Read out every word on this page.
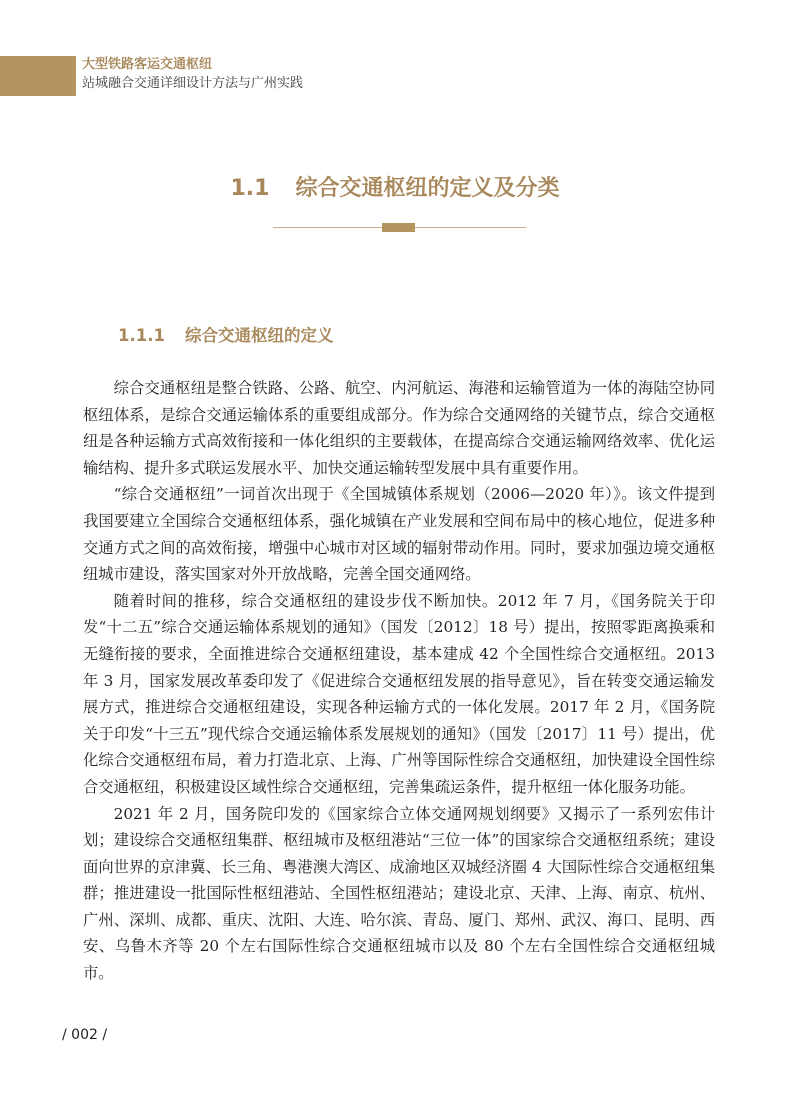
大型铁路客运交通枢纽
站城融合交通详细设计方法与广州实践
1.1 综合交通枢纽的定义及分类
1.1.1 综合交通枢纽的定义

综合交通枢纽是整合铁路、公路、航空、内河航运、海港和运输管道为一体的海陆空协同枢纽体系，是综合交通运输体系的重要组成部分。作为综合交通网络的关键节点，综合交通枢纽是各种运输方式高效衔接和一体化组织的主要载体，在提高综合交通运输网络效率、优化运输结构、提升多式联运发展水平、加快交通运输转型发展中具有重要作用。

“综合交通枢纽”一词首次出现于《全国城镇体系规划（2006—2020 年）》。该文件提到我国要建立全国综合交通枢纽体系，强化城镇在产业发展和空间布局中的核心地位，促进多种交通方式之间的高效衔接，增强中心城市对区域的辐射带动作用。同时，要求加强边境交通枢纽城市建设，落实国家对外开放战略，完善全国交通网络。

随着时间的推移，综合交通枢纽的建设步伐不断加快。2012 年 7 月，《国务院关于印发“十二五”综合交通运输体系规划的通知》（国发〔2012〕18 号）提出，按照零距离换乘和无缝衔接的要求，全面推进综合交通枢纽建设，基本建成 42 个全国性综合交通枢纽。2013 年 3 月，国家发展改革委印发了《促进综合交通枢纽发展的指导意见》，旨在转变交通运输发展方式，推进综合交通枢纽建设，实现各种运输方式的一体化发展。2017 年 2 月，《国务院关于印发“十三五”现代综合交通运输体系发展规划的通知》（国发〔2017〕11 号）提出，优化综合交通枢纽布局，着力打造北京、上海、广州等国际性综合交通枢纽，加快建设全国性综合交通枢纽，积极建设区域性综合交通枢纽，完善集疏运条件，提升枢纽一体化服务功能。

2021 年 2 月，国务院印发的《国家综合立体交通网规划纲要》又揭示了一系列宏伟计划；建设综合交通枢纽集群、枢纽城市及枢纽港站“三位一体”的国家综合交通枢纽系统；建设面向世界的京津冀、长三角、粤港澳大湾区、成渝地区双城经济圈 4 大国际性综合交通枢纽集群；推进建设一批国际性枢纽港站、全国性枢纽港站；建设北京、天津、上海、南京、杭州、广州、深圳、成都、重庆、沈阳、大连、哈尔滨、青岛、厦门、郑州、武汉、海口、昆明、西安、乌鲁木齐等 20 个左右国际性综合交通枢纽城市以及 80 个左右全国性综合交通枢纽城市。

/ 002 /
